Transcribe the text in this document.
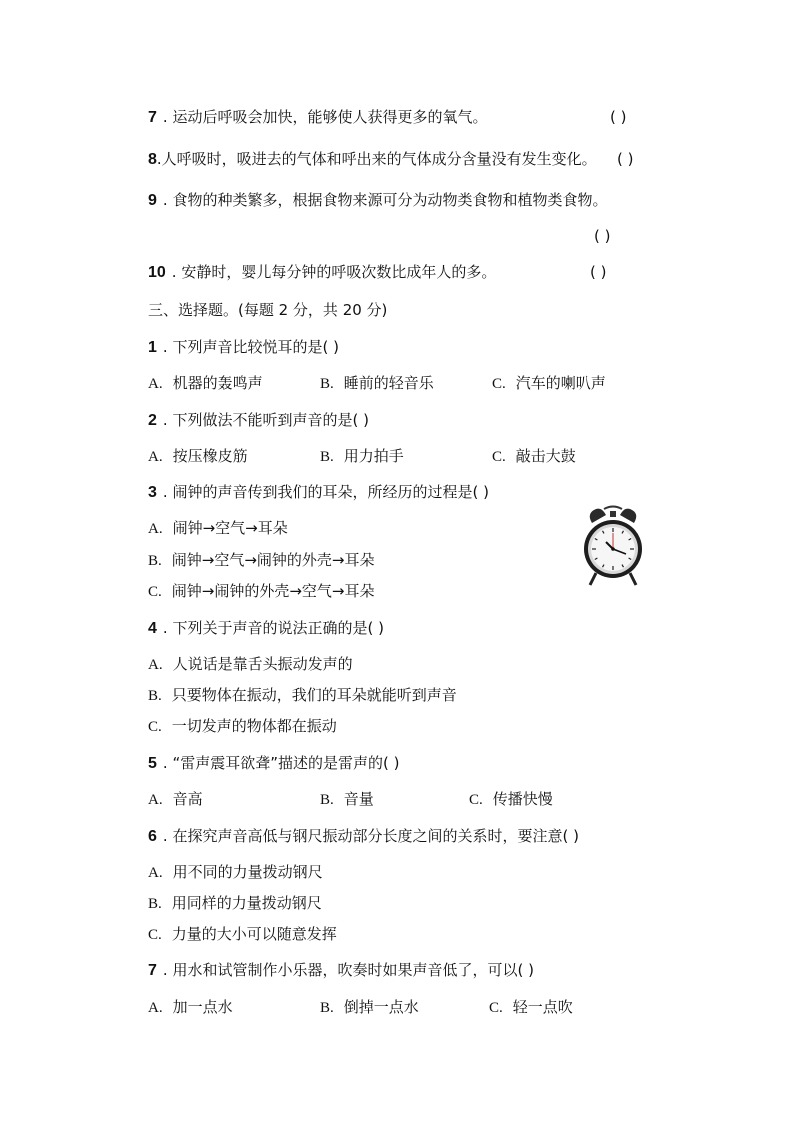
7 . 运动后呼吸会加快，能够使人获得更多的氧气。	( )
8.人呼吸时，吸进去的气体和呼出来的气体成分含量没有发生变化。 ( )
9 . 食物的种类繁多，根据食物来源可分为动物类食物和植物类食物。
( )
10 . 安静时，婴儿每分钟的呼吸次数比成年人的多。	( )
三、选择题。(每题 2 分，共 20 分)
1 . 下列声音比较悦耳的是( )
A. 机器的轰鸣声	B. 睡前的轻音乐	C. 汽车的喇叭声
2 . 下列做法不能听到声音的是( )
A. 按压橡皮筋	B. 用力拍手	C. 敲击大鼓
3 . 闹钟的声音传到我们的耳朵，所经历的过程是( )
A. 闹钟→空气→耳朵
B. 闹钟→空气→闹钟的外壳→耳朵
C. 闹钟→闹钟的外壳→空气→耳朵
4 . 下列关于声音的说法正确的是( )
A. 人说话是靠舌头振动发声的
B. 只要物体在振动，我们的耳朵就能听到声音
C. 一切发声的物体都在振动
5 . “雷声震耳欲聋”描述的是雷声的( )
A. 音高	B. 音量	C. 传播快慢
6 . 在探究声音高低与钢尺振动部分长度之间的关系时，要注意( )
A. 用不同的力量拨动钢尺
B. 用同样的力量拨动钢尺
C. 力量的大小可以随意发挥
7 . 用水和试管制作小乐器，吹奏时如果声音低了，可以( )
A. 加一点水	B. 倒掉一点水	C. 轻一点吹
